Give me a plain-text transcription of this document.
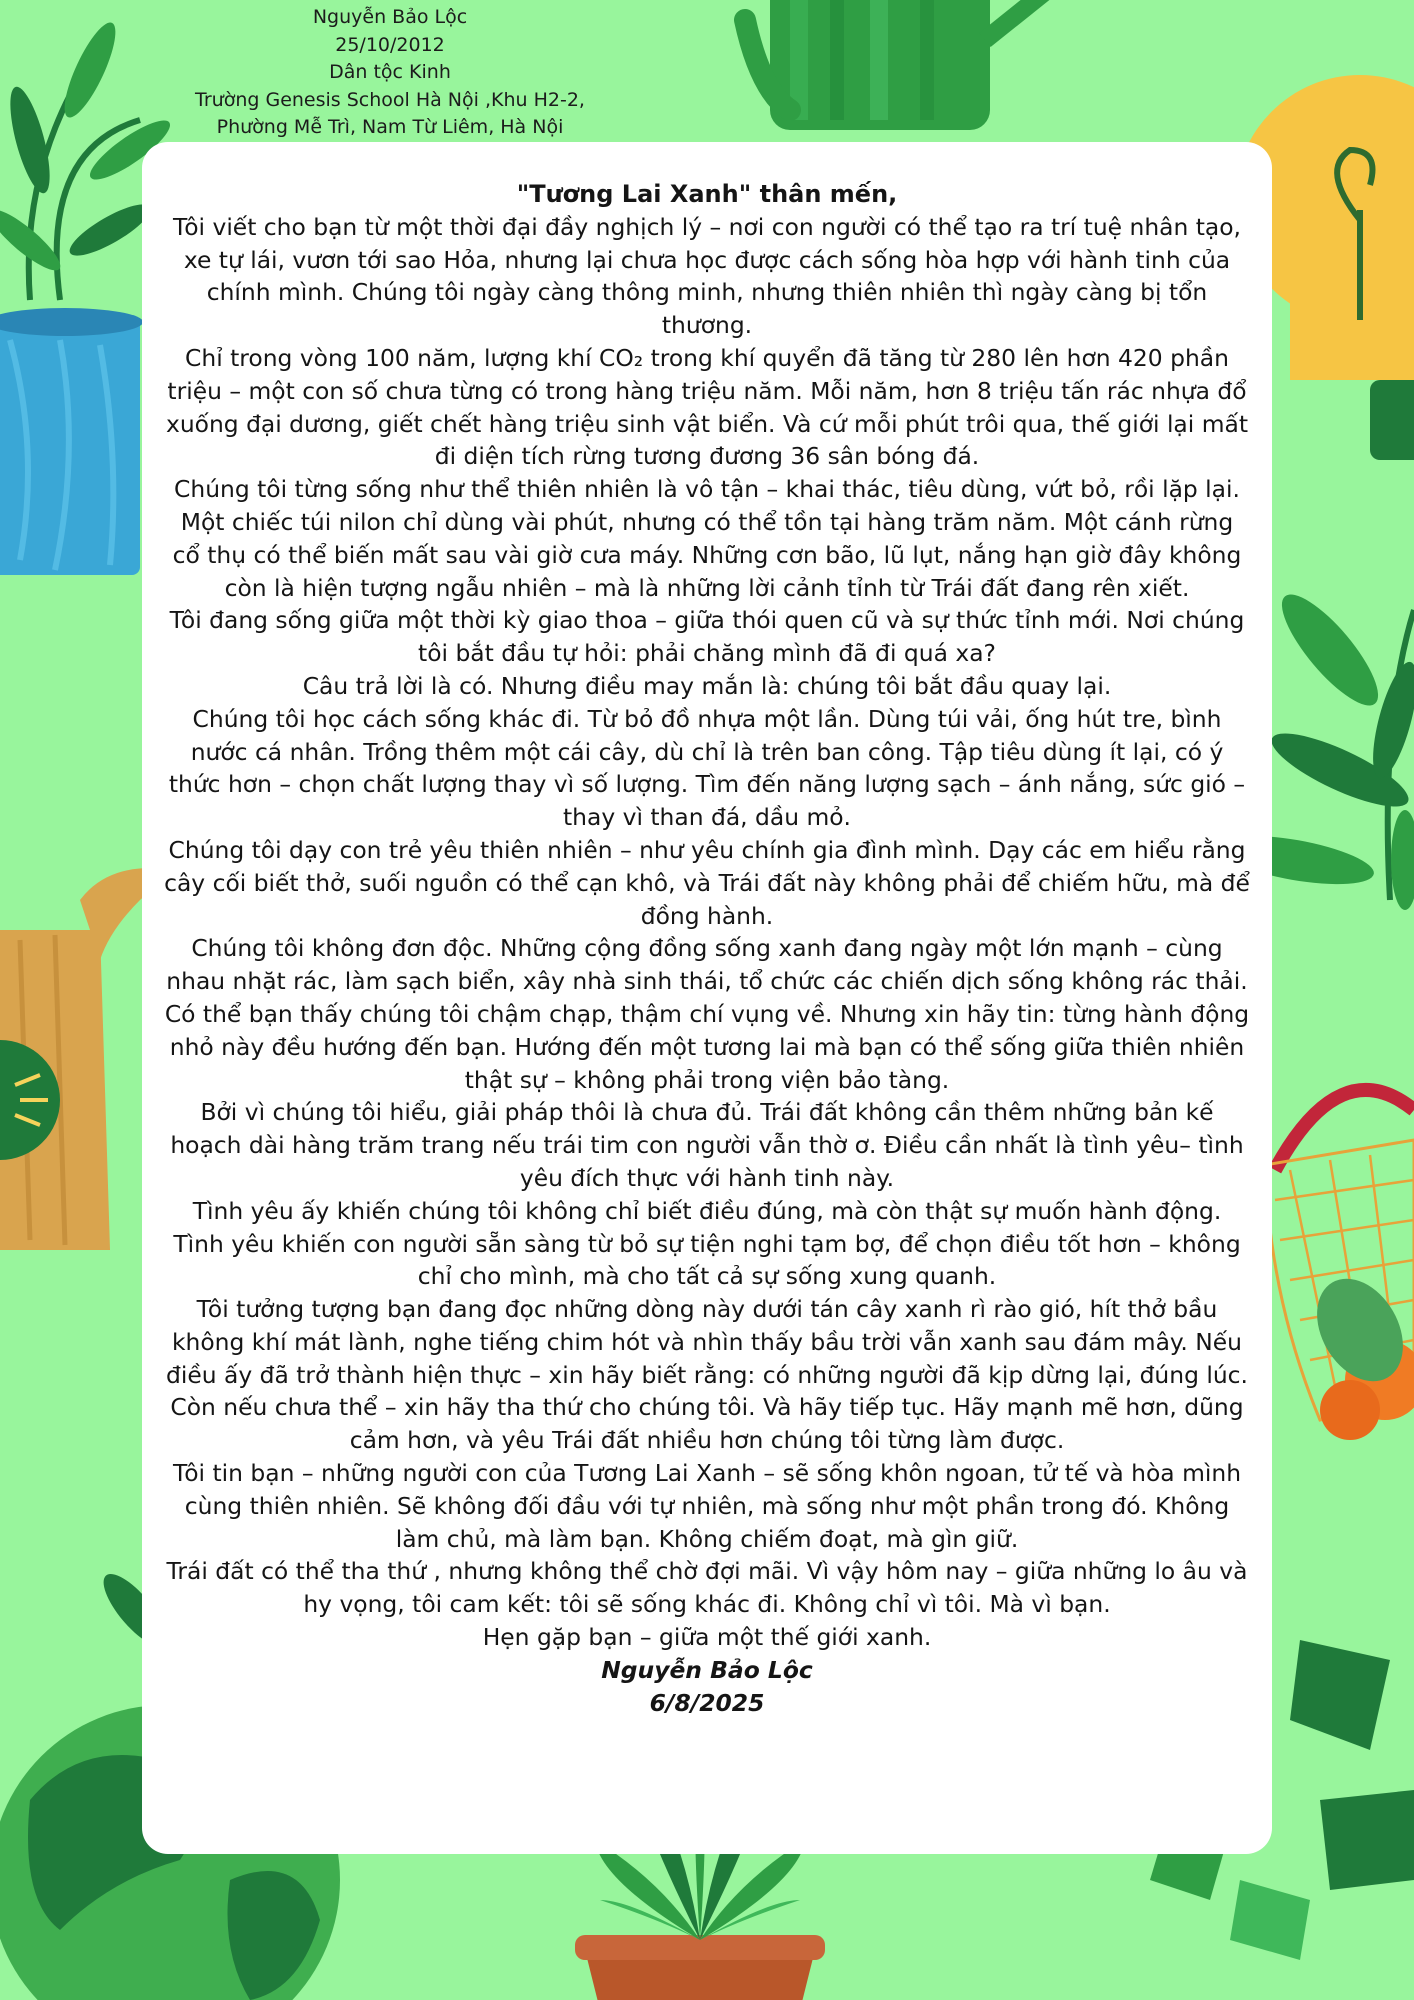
Nguyễn Bảo Lộc
25/10/2012
Dân tộc Kinh
Trường Genesis School Hà Nội ,Khu H2-2,
Phường Mễ Trì, Nam Từ Liêm, Hà Nội
"Tương Lai Xanh" thân mến,
Tôi viết cho bạn từ một thời đại đầy nghịch lý – nơi con người có thể tạo ra trí tuệ nhân tạo, xe tự lái, vươn tới sao Hỏa, nhưng lại chưa học được cách sống hòa hợp với hành tinh của chính mình. Chúng tôi ngày càng thông minh, nhưng thiên nhiên thì ngày càng bị tổn thương.
Chỉ trong vòng 100 năm, lượng khí CO₂ trong khí quyển đã tăng từ 280 lên hơn 420 phần triệu – một con số chưa từng có trong hàng triệu năm. Mỗi năm, hơn 8 triệu tấn rác nhựa đổ xuống đại dương, giết chết hàng triệu sinh vật biển. Và cứ mỗi phút trôi qua, thế giới lại mất đi diện tích rừng tương đương 36 sân bóng đá.
Chúng tôi từng sống như thể thiên nhiên là vô tận – khai thác, tiêu dùng, vứt bỏ, rồi lặp lại. Một chiếc túi nilon chỉ dùng vài phút, nhưng có thể tồn tại hàng trăm năm. Một cánh rừng cổ thụ có thể biến mất sau vài giờ cưa máy. Những cơn bão, lũ lụt, nắng hạn giờ đây không còn là hiện tượng ngẫu nhiên – mà là những lời cảnh tỉnh từ Trái đất đang rên xiết.
Tôi đang sống giữa một thời kỳ giao thoa – giữa thói quen cũ và sự thức tỉnh mới. Nơi chúng tôi bắt đầu tự hỏi: phải chăng mình đã đi quá xa?
Câu trả lời là có. Nhưng điều may mắn là: chúng tôi bắt đầu quay lại.
Chúng tôi học cách sống khác đi. Từ bỏ đồ nhựa một lần. Dùng túi vải, ống hút tre, bình nước cá nhân. Trồng thêm một cái cây, dù chỉ là trên ban công. Tập tiêu dùng ít lại, có ý thức hơn – chọn chất lượng thay vì số lượng. Tìm đến năng lượng sạch – ánh nắng, sức gió – thay vì than đá, dầu mỏ.
Chúng tôi dạy con trẻ yêu thiên nhiên – như yêu chính gia đình mình. Dạy các em hiểu rằng cây cối biết thở, suối nguồn có thể cạn khô, và Trái đất này không phải để chiếm hữu, mà để đồng hành.
Chúng tôi không đơn độc. Những cộng đồng sống xanh đang ngày một lớn mạnh – cùng nhau nhặt rác, làm sạch biển, xây nhà sinh thái, tổ chức các chiến dịch sống không rác thải. Có thể bạn thấy chúng tôi chậm chạp, thậm chí vụng về. Nhưng xin hãy tin: từng hành động nhỏ này đều hướng đến bạn. Hướng đến một tương lai mà bạn có thể sống giữa thiên nhiên thật sự – không phải trong viện bảo tàng.
Bởi vì chúng tôi hiểu, giải pháp thôi là chưa đủ. Trái đất không cần thêm những bản kế hoạch dài hàng trăm trang nếu trái tim con người vẫn thờ ơ. Điều cần nhất là tình yêu– tình yêu đích thực với hành tinh này.
Tình yêu ấy khiến chúng tôi không chỉ biết điều đúng, mà còn thật sự muốn hành động. Tình yêu khiến con người sẵn sàng từ bỏ sự tiện nghi tạm bợ, để chọn điều tốt hơn – không chỉ cho mình, mà cho tất cả sự sống xung quanh.
Tôi tưởng tượng bạn đang đọc những dòng này dưới tán cây xanh rì rào gió, hít thở bầu không khí mát lành, nghe tiếng chim hót và nhìn thấy bầu trời vẫn xanh sau đám mây. Nếu điều ấy đã trở thành hiện thực – xin hãy biết rằng: có những người đã kịp dừng lại, đúng lúc. Còn nếu chưa thể – xin hãy tha thứ cho chúng tôi. Và hãy tiếp tục. Hãy mạnh mẽ hơn, dũng cảm hơn, và yêu Trái đất nhiều hơn chúng tôi từng làm được.
Tôi tin bạn – những người con của Tương Lai Xanh – sẽ sống khôn ngoan, tử tế và hòa mình cùng thiên nhiên. Sẽ không đối đầu với tự nhiên, mà sống như một phần trong đó. Không làm chủ, mà làm bạn. Không chiếm đoạt, mà gìn giữ.
Trái đất có thể tha thứ , nhưng không thể chờ đợi mãi. Vì vậy hôm nay – giữa những lo âu và hy vọng, tôi cam kết: tôi sẽ sống khác đi. Không chỉ vì tôi. Mà vì bạn.
Hẹn gặp bạn – giữa một thế giới xanh.
Nguyễn Bảo Lộc
6/8/2025
